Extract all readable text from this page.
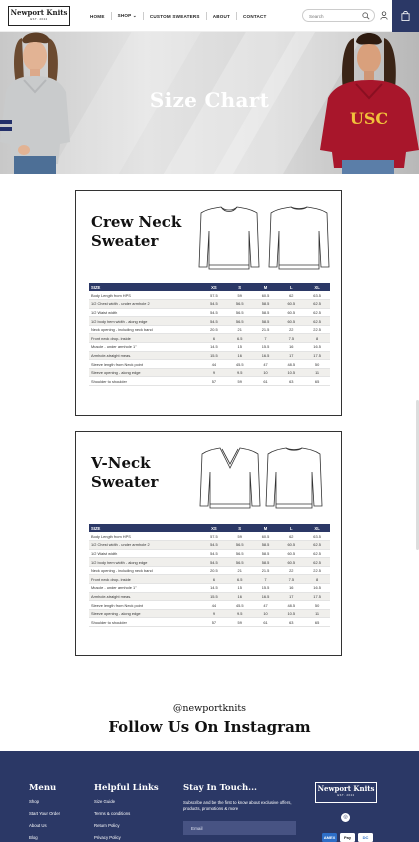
Newport Knits
EST. 2022
HOME	SHOP ⌄	CUSTOM SWEATERS	ABOUT	CONTACT
Search
USC
Size Chart
Crew Neck
Sweater
SIZE	XS	S	M	L	XL
Body Length from HPS	57.5	59	60.5	62	63.5
1/2 Chest width - under armhole 2	54.5	56.5	58.5	60.5	62.5
1/2 Waist width	54.5	56.5	58.5	60.5	62.5
1/2 body hem width - along edge	54.5	56.5	58.5	60.5	62.5
Neck opening - including neck band	20.5	21	21.5	22	22.5
Front neck drop- inside	6	6.5	7	7.5	8
Muscle - under armhole 1"	14.5	15	15.5	16	16.5
Armhole-straight meas.	15.5	16	16.5	17	17.5
Sleeve length from Neck point	44	45.5	47	48.5	50
Sleeve opening - along edge	9	9.5	10	10.5	11
Shoulder to shoulder	57	59	61	63	65
V-Neck
Sweater
SIZE	XS	S	M	L	XL
Body Length from HPS	57.5	59	60.5	62	63.5
1/2 Chest width - under armhole 2	54.5	56.5	58.5	60.5	62.5
1/2 Waist width	54.5	56.5	58.5	60.5	62.5
1/2 body hem width - along edge	54.5	56.5	58.5	60.5	62.5
Neck opening - including neck band	20.5	21	21.5	22	22.5
Front neck drop- inside	6	6.5	7	7.5	8
Muscle - under armhole 1"	14.5	15	15.5	16	16.5
Armhole-straight meas.	15.5	16	16.5	17	17.5
Sleeve length from Neck point	44	45.5	47	48.5	50
Sleeve opening - along edge	9	9.5	10	10.5	11
Shoulder to shoulder	57	59	61	63	65
@newportknits
Follow Us On Instagram
Menu
Shop
Start Your Order
About Us
Blog
Helpful Links
Size Guide
Terms & conditions
Return Policy
Privacy Policy
Stay In Touch...
Subscribe and be the first to know about exclusive offers, products, promotions & more
Email
Newport Knits
EST. 2022
◎
AMEX	Pay	DC
